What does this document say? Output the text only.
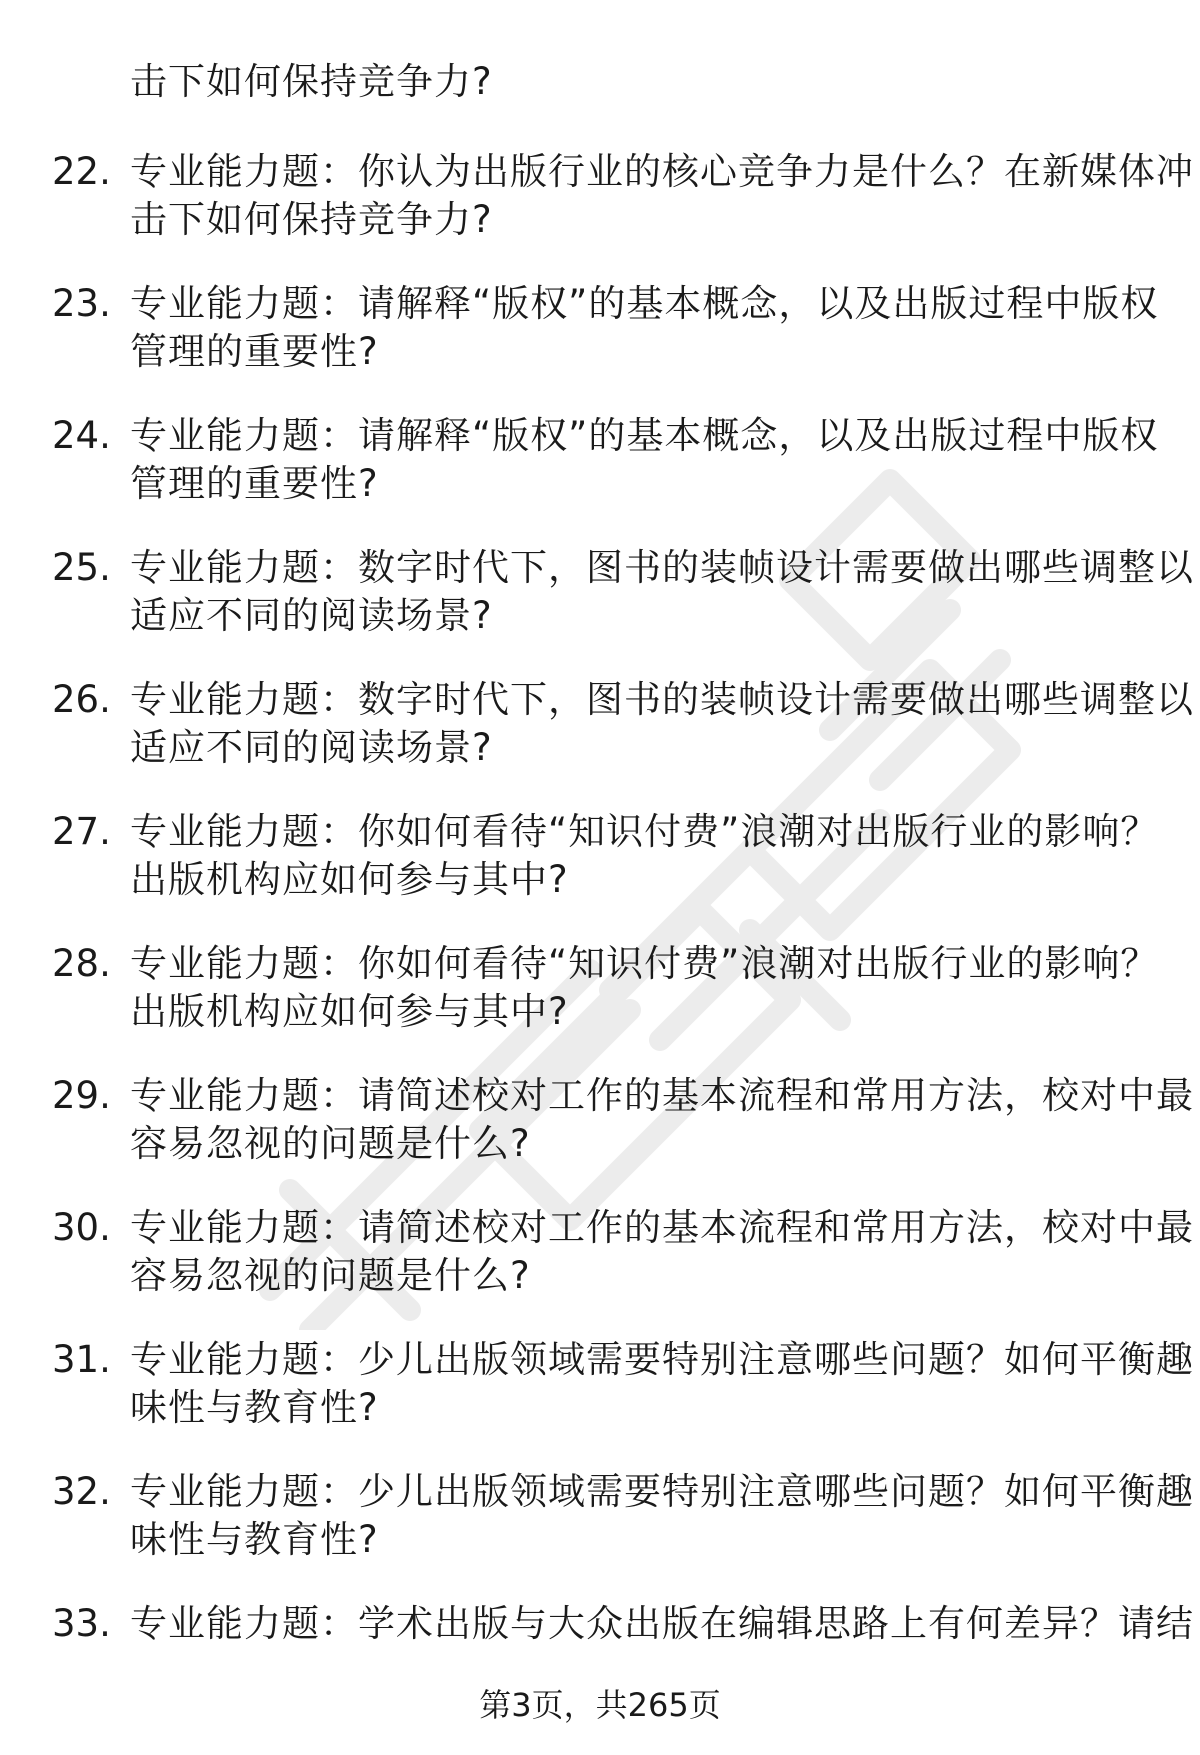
击下如何保持竞争力?
22. 专业能力题：你认为出版行业的核心竞争力是什么？在新媒体冲
击下如何保持竞争力?
23. 专业能力题：请解释“版权”的基本概念，以及出版过程中版权
管理的重要性?
24. 专业能力题：请解释“版权”的基本概念，以及出版过程中版权
管理的重要性?
25. 专业能力题：数字时代下，图书的装帧设计需要做出哪些调整以
适应不同的阅读场景?
26. 专业能力题：数字时代下，图书的装帧设计需要做出哪些调整以
适应不同的阅读场景?
27. 专业能力题：你如何看待“知识付费”浪潮对出版行业的影响？
出版机构应如何参与其中?
28. 专业能力题：你如何看待“知识付费”浪潮对出版行业的影响？
出版机构应如何参与其中?
29. 专业能力题：请简述校对工作的基本流程和常用方法，校对中最
容易忽视的问题是什么?
30. 专业能力题：请简述校对工作的基本流程和常用方法，校对中最
容易忽视的问题是什么?
31. 专业能力题：少儿出版领域需要特别注意哪些问题？如何平衡趣
味性与教育性?
32. 专业能力题：少儿出版领域需要特别注意哪些问题？如何平衡趣
味性与教育性?
33. 专业能力题：学术出版与大众出版在编辑思路上有何差异？请结
第3页，共265页
